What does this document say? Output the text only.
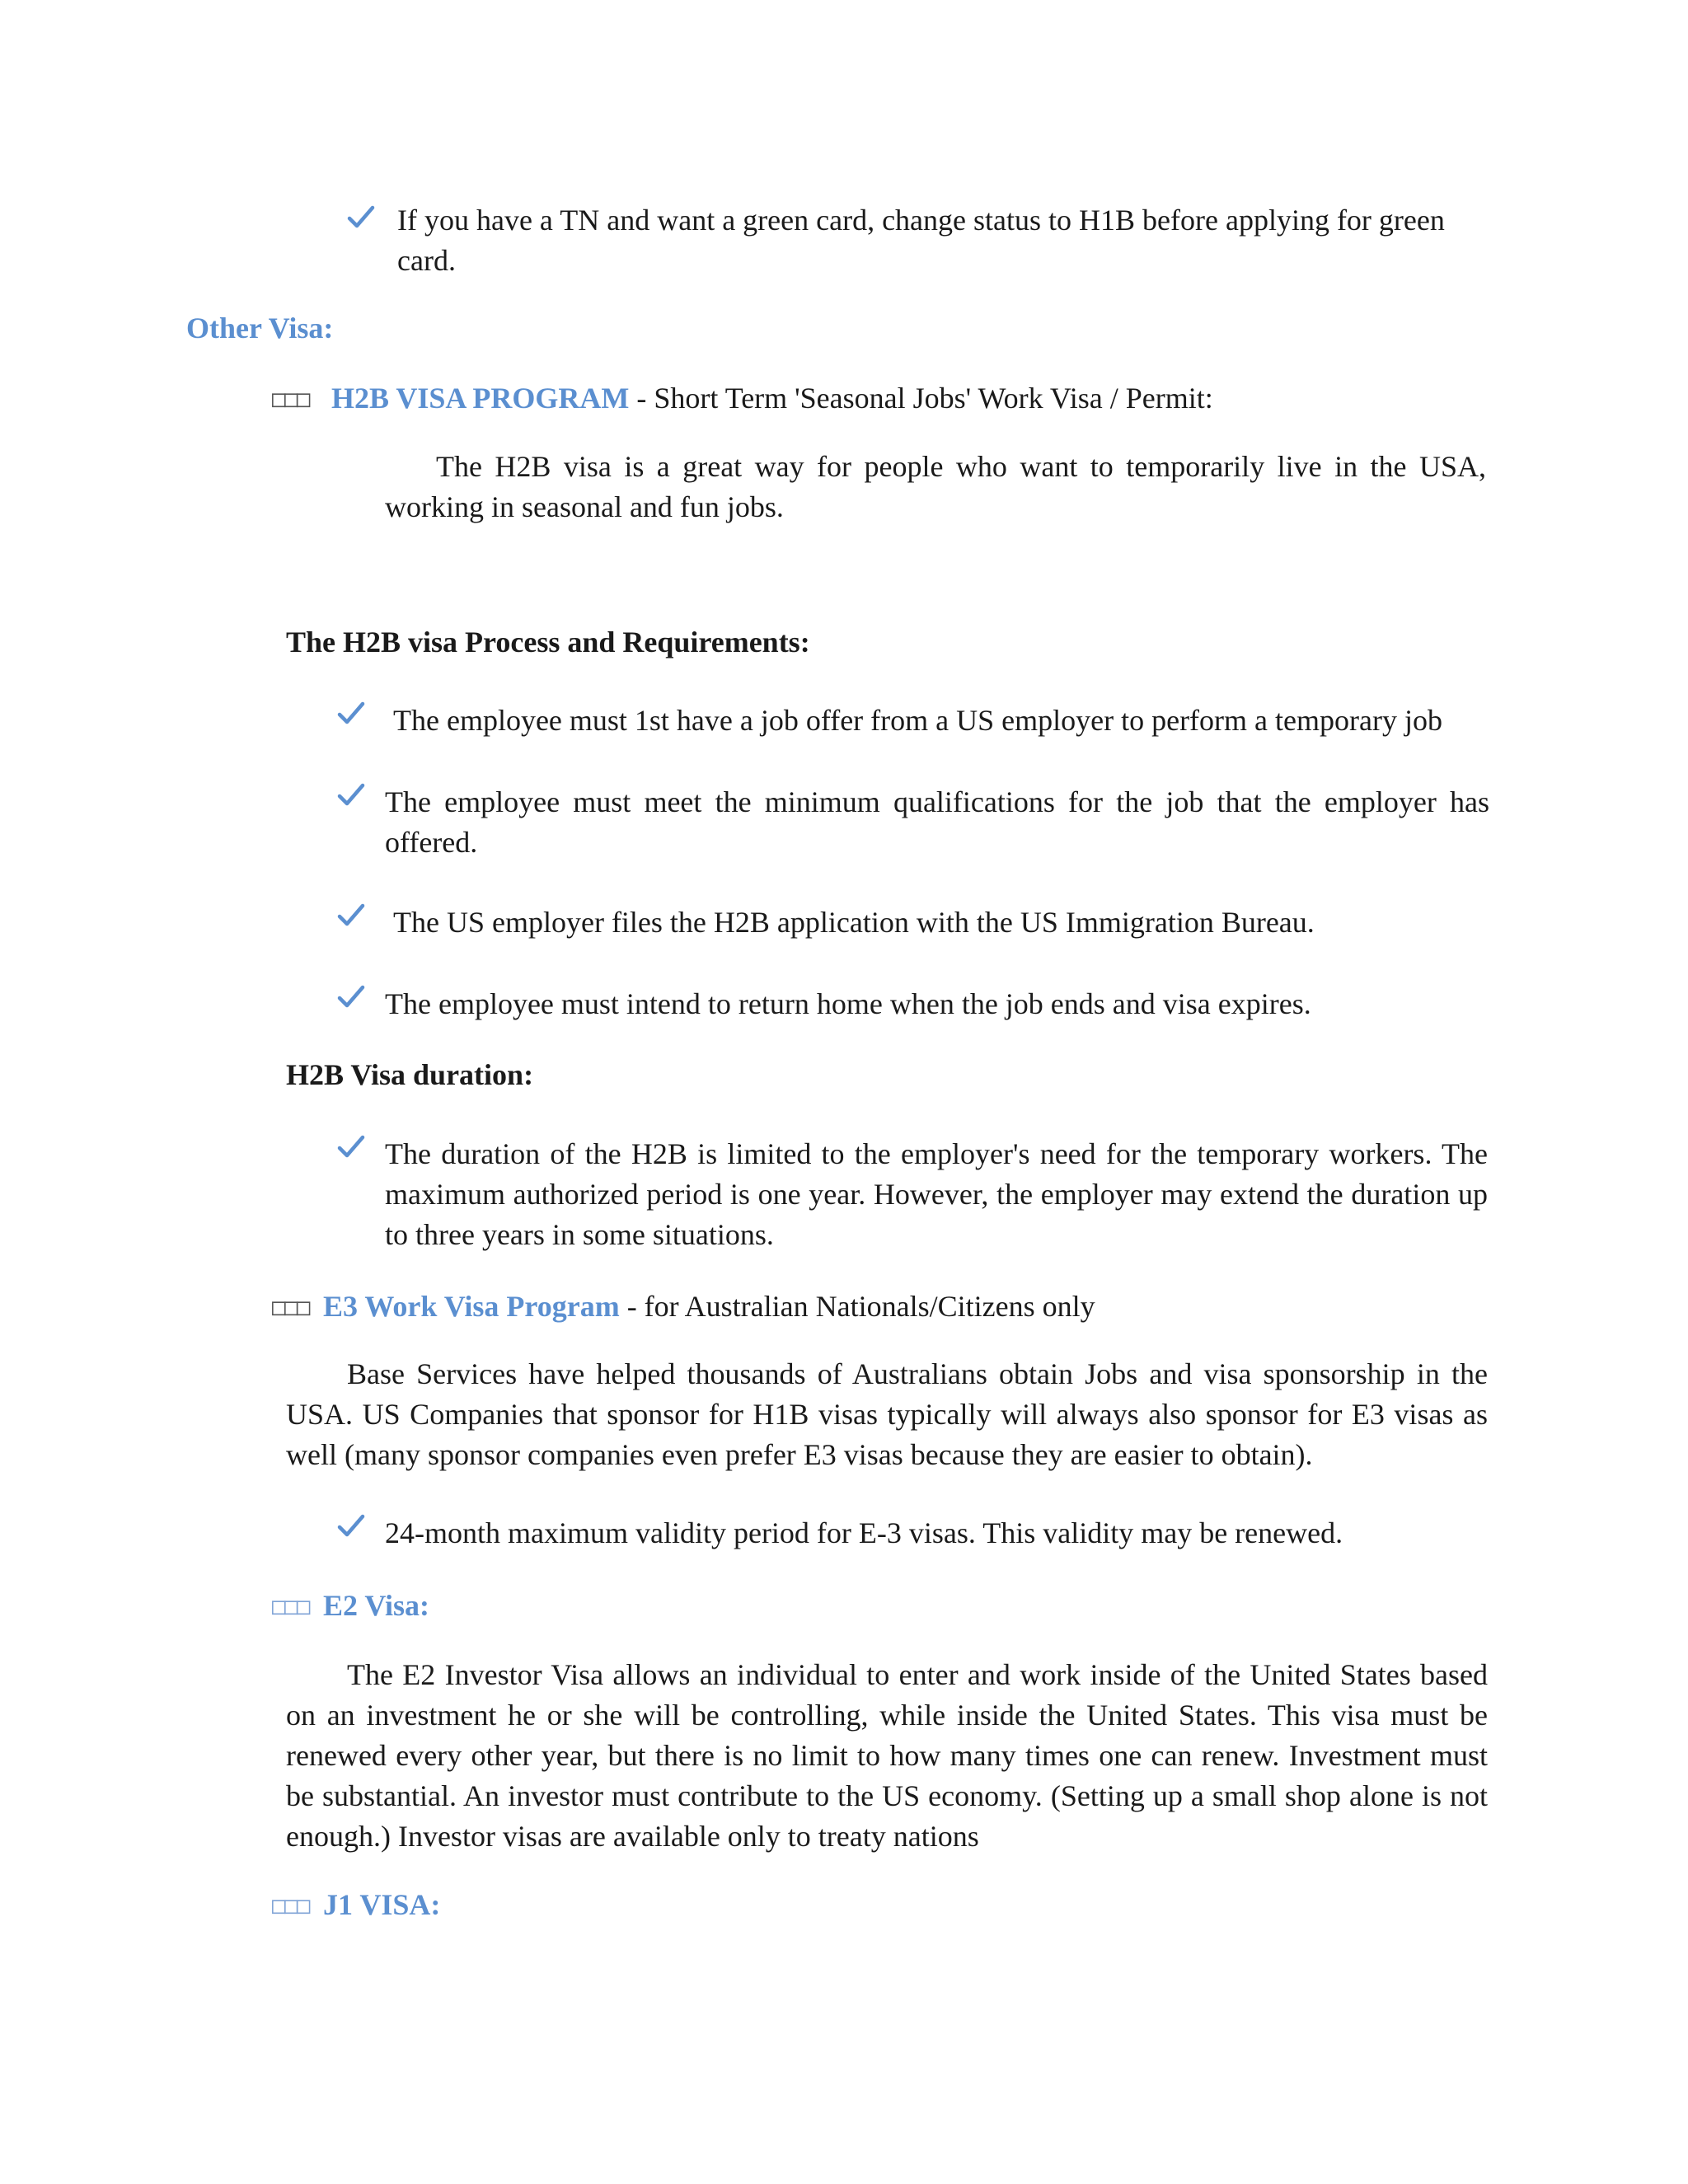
If you have a TN and want a green card, change status to H1B before applying for green
card.
Other Visa:
□□□ H2B VISA PROGRAM - Short Term 'Seasonal Jobs' Work Visa / Permit:
The H2B visa is a great way for people who want to temporarily live in the USA, working in seasonal and fun jobs.
The H2B visa Process and Requirements:
The employee must 1st have a job offer from a US employer to perform a temporary job
The employee must meet the minimum qualifications for the job that the employer has offered.
The US employer files the H2B application with the US Immigration Bureau.
The employee must intend to return home when the job ends and visa expires.
H2B Visa duration:
The duration of the H2B is limited to the employer's need for the temporary workers. The maximum authorized period is one year. However, the employer may extend the duration up to three years in some situations.
□□□ E3 Work Visa Program - for Australian Nationals/Citizens only
Base Services have helped thousands of Australians obtain Jobs and visa sponsorship in the USA. US Companies that sponsor for H1B visas typically will always also sponsor for E3 visas as well (many sponsor companies even prefer E3 visas because they are easier to obtain).
24-month maximum validity period for E-3 visas. This validity may be renewed.
□□□ E2 Visa:
The E2 Investor Visa allows an individual to enter and work inside of the United States based on an investment he or she will be controlling, while inside the United States. This visa must be renewed every other year, but there is no limit to how many times one can renew. Investment must be substantial. An investor must contribute to the US economy. (Setting up a small shop alone is not enough.) Investor visas are available only to treaty nations
□□□ J1 VISA:
